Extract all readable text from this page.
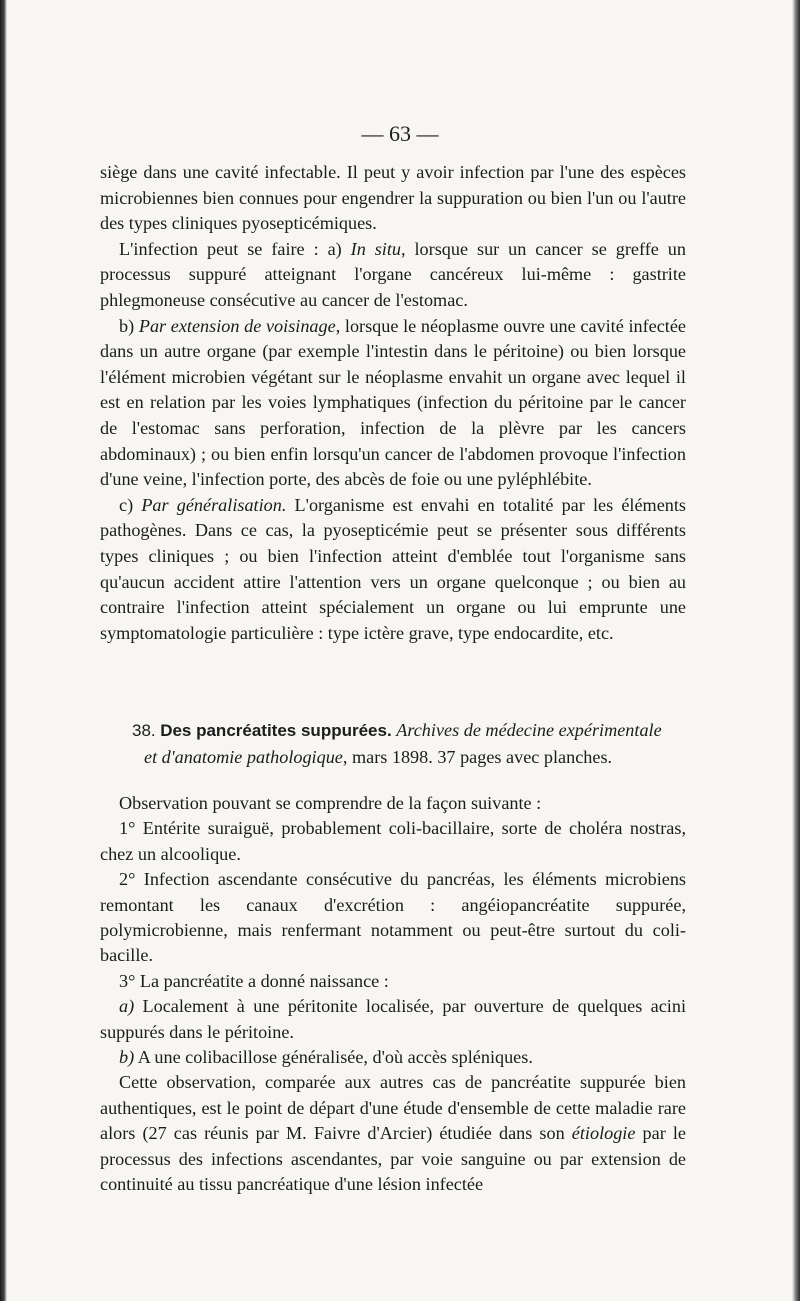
— 63 —

siège dans une cavité infectable. Il peut y avoir infection par l'une des espèces microbiennes bien connues pour engendrer la suppuration ou bien l'un ou l'autre des types cliniques pyosepticémiques.

L'infection peut se faire : a) In situ, lorsque sur un cancer se greffe un processus suppuré atteignant l'organe cancéreux lui-même : gastrite phlegmoneuse consécutive au cancer de l'estomac.

b) Par extension de voisinage, lorsque le néoplasme ouvre une cavité infectée dans un autre organe (par exemple l'intestin dans le péritoine) ou bien lorsque l'élément microbien végétant sur le néoplasme envahit un organe avec lequel il est en relation par les voies lymphatiques (infection du péritoine par le cancer de l'estomac sans perforation, infection de la plèvre par les cancers abdominaux) ; ou bien enfin lorsqu'un cancer de l'abdomen provoque l'infection d'une veine, l'infection porte, des abcès de foie ou une pyléphlébite.

c) Par généralisation. L'organisme est envahi en totalité par les éléments pathogènes. Dans ce cas, la pyosepticémie peut se présenter sous différents types cliniques ; ou bien l'infection atteint d'emblée tout l'organisme sans qu'aucun accident attire l'attention vers un organe quelconque ; ou bien au contraire l'infection atteint spécialement un organe ou lui emprunte une symptomatologie particulière : type ictère grave, type endocardite, etc.

38. Des pancréatites suppurées. Archives de médecine expérimentale
et d'anatomie pathologique, mars 1898. 37 pages avec planches.

Observation pouvant se comprendre de la façon suivante :

1° Entérite suraiguë, probablement coli-bacillaire, sorte de choléra nostras, chez un alcoolique.

2° Infection ascendante consécutive du pancréas, les éléments microbiens remontant les canaux d'excrétion : angéiopancréatite suppurée, polymicrobienne, mais renfermant notamment ou peut-être surtout du coli-bacille.

3° La pancréatite a donné naissance :

a) Localement à une péritonite localisée, par ouverture de quelques acini suppurés dans le péritoine.

b) A une colibacillose généralisée, d'où accès spléniques.

Cette observation, comparée aux autres cas de pancréatite suppurée bien authentiques, est le point de départ d'une étude d'ensemble de cette maladie rare alors (27 cas réunis par M. Faivre d'Arcier) étudiée dans son étiologie par le processus des infections ascendantes, par voie sanguine ou par extension de continuité au tissu pancréatique d'une lésion infectée
